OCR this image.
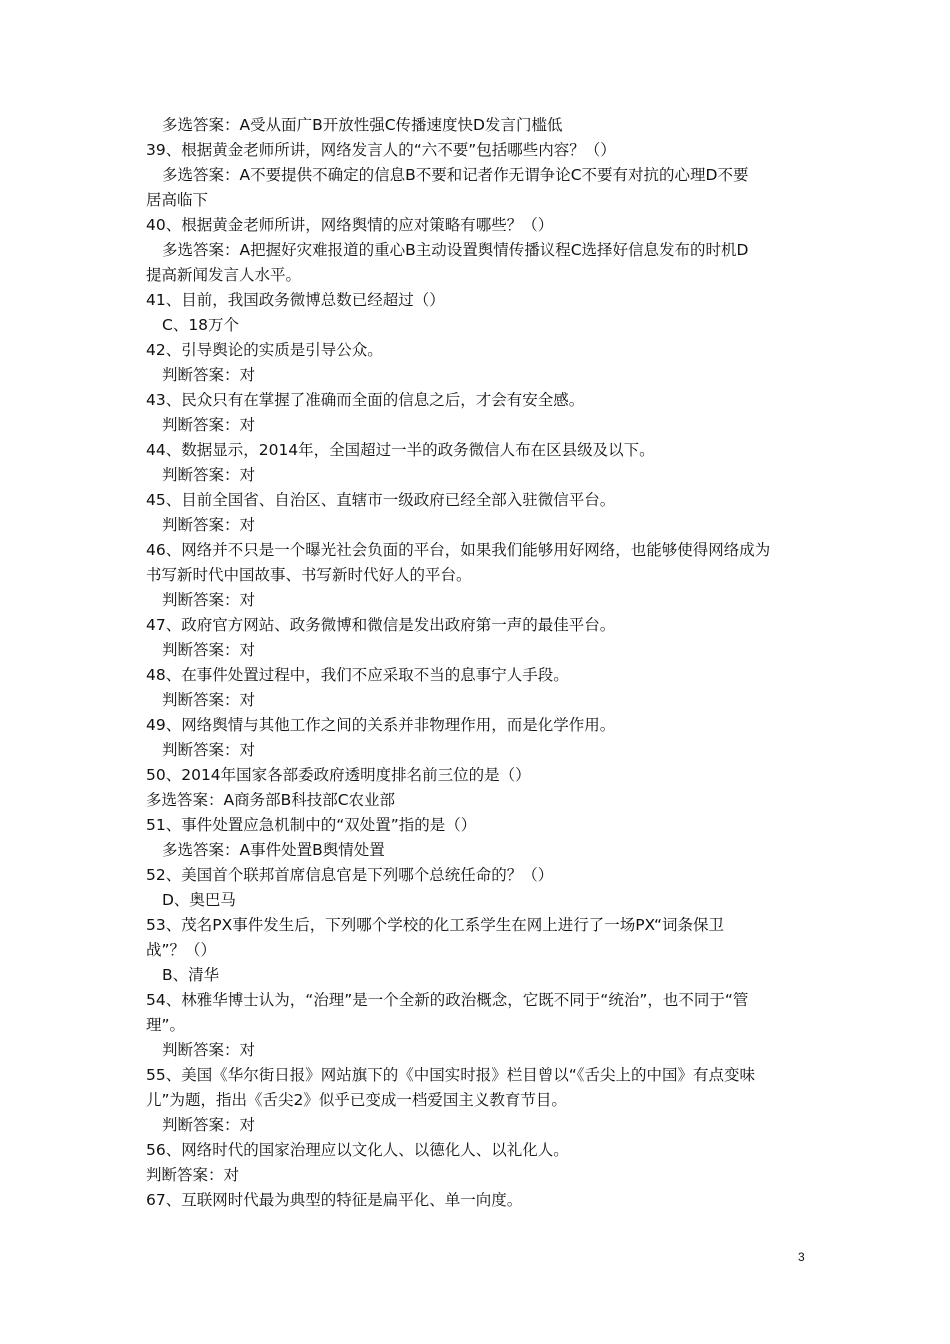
多选答案：A受从面广B开放性强C传播速度快D发言门槛低
39、根据黄金老师所讲，网络发言人的“六不要”包括哪些内容？（）
多选答案：A不要提供不确定的信息B不要和记者作无谓争论C不要有对抗的心理D不要
居高临下
40、根据黄金老师所讲，网络舆情的应对策略有哪些？（）
多选答案：A把握好灾难报道的重心B主动设置舆情传播议程C选择好信息发布的时机D
提高新闻发言人水平。
41、目前，我国政务微博总数已经超过（）
C、18万个
42、引导舆论的实质是引导公众。
判断答案：对
43、民众只有在掌握了准确而全面的信息之后，才会有安全感。
判断答案：对
44、数据显示，2014年，全国超过一半的政务微信人布在区县级及以下。
判断答案：对
45、目前全国省、自治区、直辖市一级政府已经全部入驻微信平台。
判断答案：对
46、网络并不只是一个曝光社会负面的平台，如果我们能够用好网络，也能够使得网络成为
书写新时代中国故事、书写新时代好人的平台。
判断答案：对
47、政府官方网站、政务微博和微信是发出政府第一声的最佳平台。
判断答案：对
48、在事件处置过程中，我们不应采取不当的息事宁人手段。
判断答案：对
49、网络舆情与其他工作之间的关系并非物理作用，而是化学作用。
判断答案：对
50、2014年国家各部委政府透明度排名前三位的是（）
多选答案：A商务部B科技部C农业部
51、事件处置应急机制中的“双处置”指的是（）
多选答案：A事件处置B舆情处置
52、美国首个联邦首席信息官是下列哪个总统任命的？（）
D、奥巴马
53、茂名PX事件发生后，下列哪个学校的化工系学生在网上进行了一场PX“词条保卫
战”？（）
B、清华
54、林雅华博士认为，“治理”是一个全新的政治概念，它既不同于“统治”，也不同于“管
理”。
判断答案：对
55、美国《华尔街日报》网站旗下的《中国实时报》栏目曾以“《舌尖上的中国》有点变味
儿”为题，指出《舌尖2》似乎已变成一档爱国主义教育节目。
判断答案：对
56、网络时代的国家治理应以文化人、以德化人、以礼化人。
判断答案：对
67、互联网时代最为典型的特征是扁平化、单一向度。
3
